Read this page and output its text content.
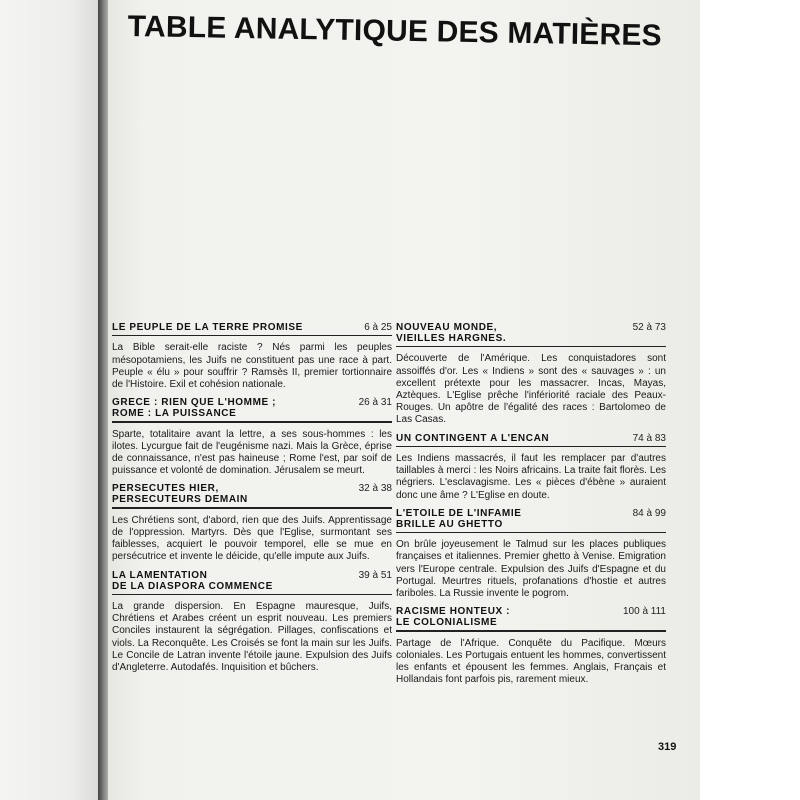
TABLE ANALYTIQUE DES MATIÈRES
LE PEUPLE DE LA TERRE PROMISE	6 à 25
La Bible serait-elle raciste ? Nés parmi les peuples mésopotamiens, les Juifs ne constituent pas une race à part. Peuple « élu » pour souffrir ? Ramsès II, premier tortionnaire de l'Histoire. Exil et cohésion nationale.
GRECE : RIEN QUE L'HOMME ;
ROME : LA PUISSANCE
26 à 31
Sparte, totalitaire avant la lettre, a ses sous-hommes : les ilotes. Lycurgue fait de l'eugénisme nazi. Mais la Grèce, éprise de connaissance, n'est pas haineuse ; Rome l'est, par soif de puissance et volonté de domination. Jérusalem se meurt.
PERSECUTES HIER,
PERSECUTEURS DEMAIN
32 à 38
Les Chrétiens sont, d'abord, rien que des Juifs. Apprentissage de l'oppression. Martyrs. Dès que l'Eglise, surmontant ses faiblesses, acquiert le pouvoir temporel, elle se mue en persécutrice et invente le déicide, qu'elle impute aux Juifs.
LA LAMENTATION
DE LA DIASPORA COMMENCE
39 à 51
La grande dispersion. En Espagne mauresque, Juifs, Chrétiens et Arabes créent un esprit nouveau. Les premiers Conciles instaurent la ségrégation. Pillages, confiscations et viols. La Reconquête. Les Croisés se font la main sur les Juifs. Le Concile de Latran invente l'étoile jaune. Expulsion des Juifs d'Angleterre. Autodafés. Inquisition et bûchers.
NOUVEAU MONDE,
VIEILLES HARGNES.
52 à 73
Découverte de l'Amérique. Les conquistadores sont assoiffés d'or. Les « Indiens » sont des « sauvages » : un excellent prétexte pour les massacrer. Incas, Mayas, Aztèques. L'Eglise prêche l'infériorité raciale des Peaux-Rouges. Un apôtre de l'égalité des races : Bartolomeo de Las Casas.
UN CONTINGENT A L'ENCAN	74 à 83
Les Indiens massacrés, il faut les remplacer par d'autres taillables à merci : les Noirs africains. La traite fait florès. Les négriers. L'esclavagisme. Les « pièces d'ébène » auraient donc une âme ? L'Eglise en doute.
L'ETOILE DE L'INFAMIE
BRILLE AU GHETTO
84 à 99
On brûle joyeusement le Talmud sur les places publiques françaises et italiennes. Premier ghetto à Venise. Emigration vers l'Europe centrale. Expulsion des Juifs d'Espagne et du Portugal. Meurtres rituels, profanations d'hostie et autres fariboles. La Russie invente le pogrom.
RACISME HONTEUX :
LE COLONIALISME
100 à 111
Partage de l'Afrique. Conquête du Pacifique. Mœurs coloniales. Les Portugais entuent les hommes, convertissent les enfants et épousent les femmes. Anglais, Français et Hollandais font parfois pis, rarement mieux.
319
